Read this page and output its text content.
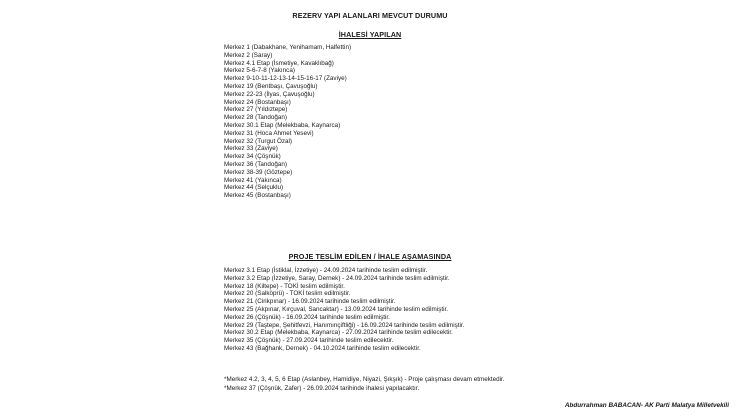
REZERV YAPI ALANLARI MEVCUT DURUMU
İHALESİ YAPILAN
Merkez 1 (Dabakhane, Yenihamam, Halfettin)
Merkez 2 (Saray)
Merkez 4.1 Etap (İsmetiye, Kavaklıbağ)
Merkez 5-6-7-8 (Yakınca)
Merkez 9-10-11-12-13-14-15-16-17 (Zaviye)
Merkez 19 (Bentbaşı, Çavuşoğlu)
Merkez 22-23 (İlyas, Çavuşoğlu)
Merkez 24 (Bostanbaşı)
Merkez 27 (Yıldıztepe)
Merkez 28 (Tandoğan)
Merkez 30.1 Etap (Melekbaba, Kaynarca)
Merkez 31 (Hoca Ahmet Yesevi)
Merkez 32 (Turgut Özal)
Merkez 33 (Zaviye)
Merkez 34 (Çöşnük)
Merkez 36 (Tandoğan)
Merkez 38-39 (Göztepe)
Merkez 41 (Yakınca)
Merkez 44 (Selçuklu)
Merkez 45 (Bostanbaşı)
PROJE TESLİM EDİLEN / İHALE AŞAMASINDA
Merkez 3.1 Etap (İstiklal, İzzetiye) - 24.09.2024 tarihinde teslim edilmiştir.
Merkez 3.2 Etap (İzzetiye, Saray, Dernek) - 24.09.2024 tarihinde teslim edilmiştir.
Merkez 18 (Kiltepe) - TOKİ teslim edilmiştir.
Merkez 20 (Salköprü) - TOKİ teslim edilmiştir.
Merkez 21 (Cirikpınar) - 16.09.2024 tarihinde teslim edilmiştir.
Merkez 25 (Akpınar, Kırçuval, Sancaktar) - 13.09.2024 tarihinde teslim edilmiştir.
Merkez 26 (Çöşnük) - 16.09.2024 tarihinde teslim edilmiştir.
Merkez 29 (Taştepe, Şehitfevzi, Hanımınçiftliği) - 16.09.2024 tarihinde teslim edilmiştir.
Merkez 30.2 Etap (Melekbaba, Kaynarca) - 27.09.2024 tarihinde teslim edilecektir.
Merkez 35 (Çöşnük) - 27.09.2024 tarihinde teslim edilecektir.
Merkez 43 (Bağhank, Dernek) - 04.10.2024 tarihinde teslim edilecektir.
*Merkez 4.2, 3, 4, 5, 6 Etap (Aslanbey, Hamidiye, Niyazi, Şıkşık) - Proje çalışması devam etmektedir.
*Merkez 37 (Çöşnük, Zafer) - 26.09.2024 tarihinde ihalesi yapılacaktır.
Abdurrahman BABACAN- AK Parti Malatya Milletvekili
